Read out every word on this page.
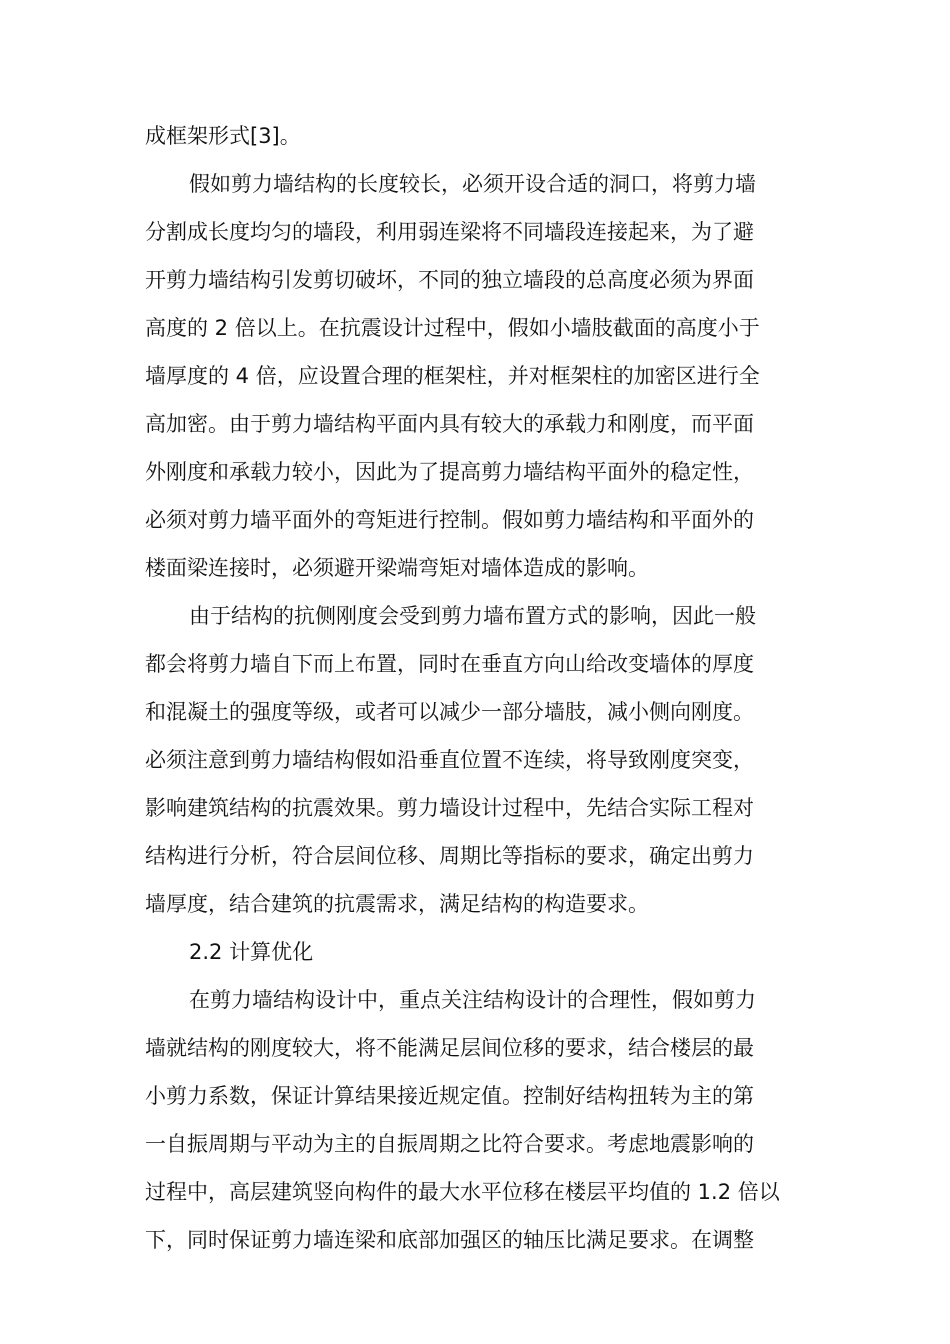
成框架形式[3]。
假如剪力墙结构的长度较长，必须开设合适的洞口，将剪力墙
分割成长度均匀的墙段，利用弱连梁将不同墙段连接起来，为了避
开剪力墙结构引发剪切破坏，不同的独立墙段的总高度必须为界面
高度的 2 倍以上。在抗震设计过程中，假如小墙肢截面的高度小于
墙厚度的 4 倍，应设置合理的框架柱，并对框架柱的加密区进行全
高加密。由于剪力墙结构平面内具有较大的承载力和刚度，而平面
外刚度和承载力较小，因此为了提高剪力墙结构平面外的稳定性，
必须对剪力墙平面外的弯矩进行控制。假如剪力墙结构和平面外的
楼面梁连接时，必须避开梁端弯矩对墙体造成的影响。
由于结构的抗侧刚度会受到剪力墙布置方式的影响，因此一般
都会将剪力墙自下而上布置，同时在垂直方向山给改变墙体的厚度
和混凝土的强度等级，或者可以减少一部分墙肢，减小侧向刚度。
必须注意到剪力墙结构假如沿垂直位置不连续，将导致刚度突变，
影响建筑结构的抗震效果。剪力墙设计过程中，先结合实际工程对
结构进行分析，符合层间位移、周期比等指标的要求，确定出剪力
墙厚度，结合建筑的抗震需求，满足结构的构造要求。
2.2 计算优化
在剪力墙结构设计中，重点关注结构设计的合理性，假如剪力
墙就结构的刚度较大，将不能满足层间位移的要求，结合楼层的最
小剪力系数，保证计算结果接近规定值。控制好结构扭转为主的第
一自振周期与平动为主的自振周期之比符合要求。考虑地震影响的
过程中，高层建筑竖向构件的最大水平位移在楼层平均值的 1.2 倍以
下，同时保证剪力墙连梁和底部加强区的轴压比满足要求。在调整
